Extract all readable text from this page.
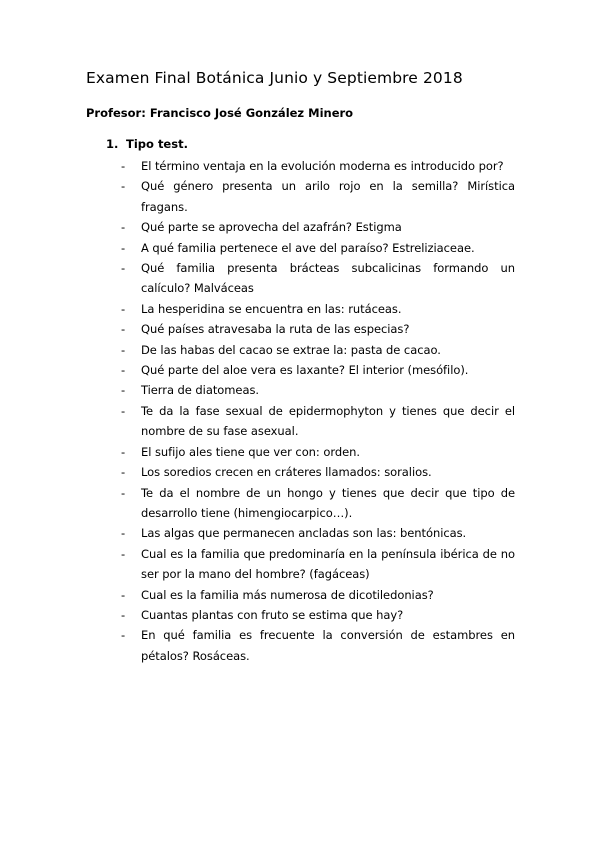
Examen Final Botánica Junio y Septiembre 2018
Profesor: Francisco José González Minero
1. Tipo test.
- El término ventaja en la evolución moderna es introducido por?
- Qué género presenta un arilo rojo en la semilla? Mirística fragans.
- Qué parte se aprovecha del azafrán? Estigma
- A qué familia pertenece el ave del paraíso? Estreliziaceae.
- Qué familia presenta brácteas subcalicinas formando un calículo? Malváceas
- La hesperidina se encuentra en las: rutáceas.
- Qué países atravesaba la ruta de las especias?
- De las habas del cacao se extrae la: pasta de cacao.
- Qué parte del aloe vera es laxante? El interior (mesófilo).
- Tierra de diatomeas.
- Te da la fase sexual de epidermophyton y tienes que decir el nombre de su fase asexual.
- El sufijo ales tiene que ver con: orden.
- Los soredios crecen en cráteres llamados: soralios.
- Te da el nombre de un hongo y tienes que decir que tipo de desarrollo tiene (himengiocarpico…).
- Las algas que permanecen ancladas son las: bentónicas.
- Cual es la familia que predominaría en la península ibérica de no ser por la mano del hombre? (fagáceas)
- Cual es la familia más numerosa de dicotiledonias?
- Cuantas plantas con fruto se estima que hay?
- En qué familia es frecuente la conversión de estambres en pétalos? Rosáceas.
